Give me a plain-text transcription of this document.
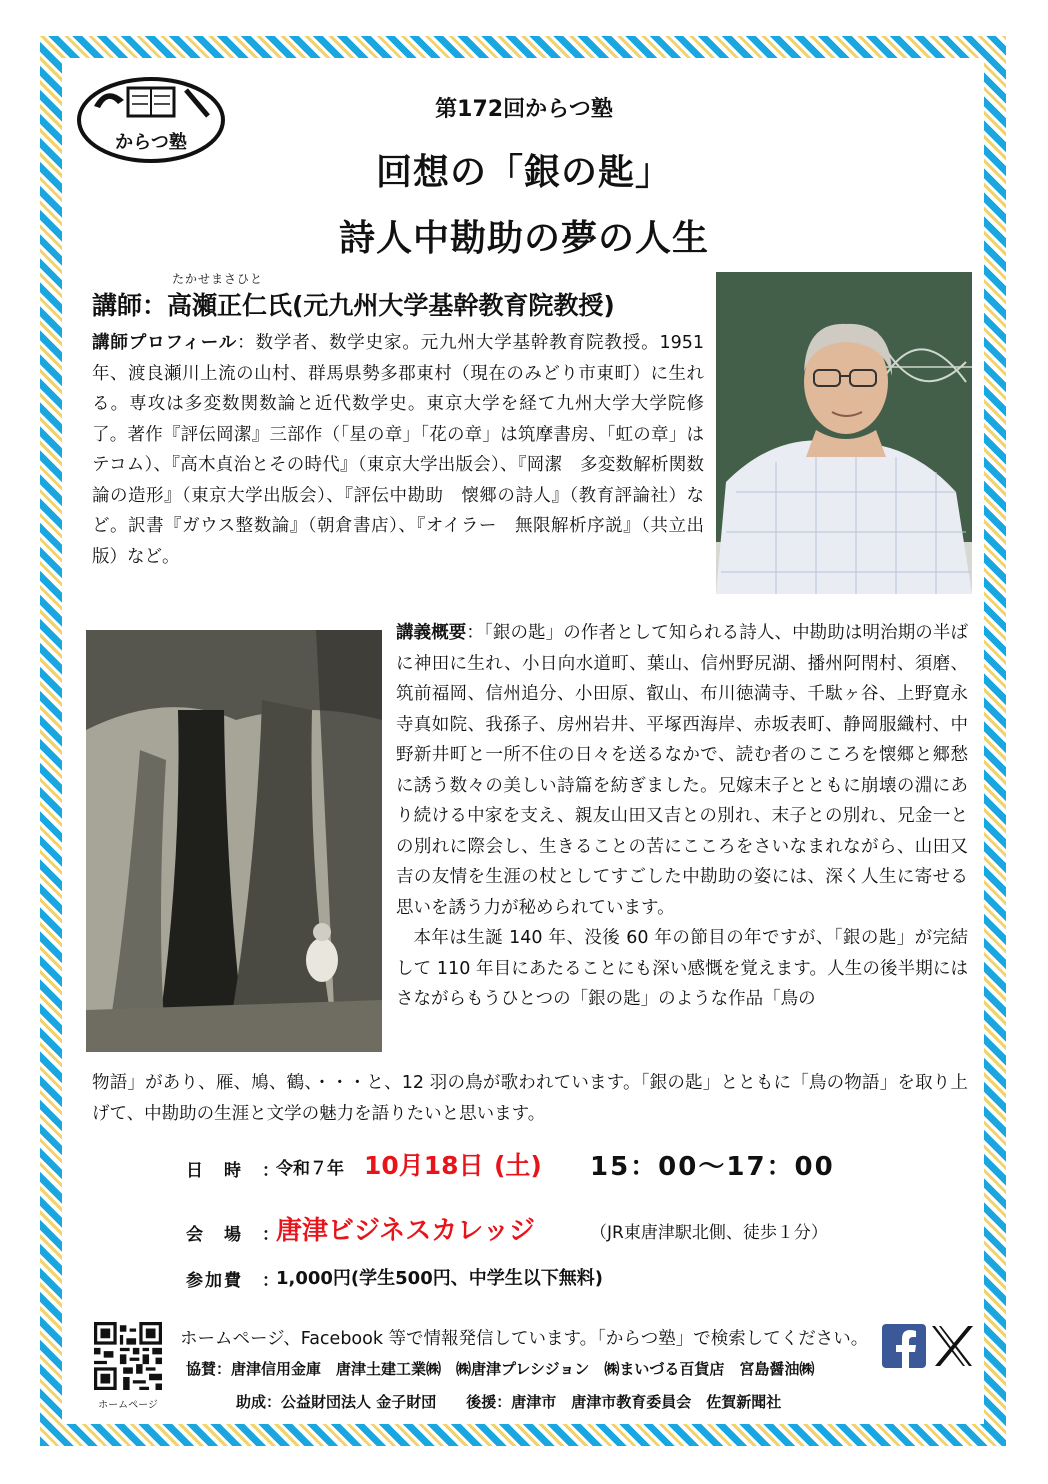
からつ塾
第172回からつ塾
回想の「銀の匙」
詩人中勘助の夢の人生
たかせまさひと
講師：高瀬正仁氏(元九州大学基幹教育院教授)
講師プロフィール：数学者、数学史家。元九州大学基幹教育院教授。1951 年、渡良瀬川上流の山村、群馬県勢多郡東村（現在のみどり市東町）に生れる。専攻は多変数関数論と近代数学史。東京大学を経て九州大学大学院修了。著作『評伝岡潔』三部作（「星の章」「花の章」は筑摩書房、「虹の章」はテコム）、『高木貞治とその時代』（東京大学出版会）、『岡潔　多変数解析関数論の造形』（東京大学出版会）、『評伝中勘助　懐郷の詩人』（教育評論社）など。訳書『ガウス整数論』（朝倉書店）、『オイラー　無限解析序説』（共立出版）など。
講義概要：「銀の匙」の作者として知られる詩人、中勘助は明治期の半ばに神田に生れ、小日向水道町、葉山、信州野尻湖、播州阿閇村、須磨、筑前福岡、信州追分、小田原、叡山、布川徳満寺、千駄ヶ谷、上野寛永寺真如院、我孫子、房州岩井、平塚西海岸、赤坂表町、静岡服織村、中野新井町と一所不住の日々を送るなかで、読む者のこころを懐郷と郷愁に誘う数々の美しい詩篇を紡ぎました。兄嫁末子とともに崩壊の淵にあり続ける中家を支え、親友山田又吉との別れ、末子との別れ、兄金一との別れに際会し、生きることの苦にこころをさいなまれながら、山田又吉の友情を生涯の杖としてすごした中勘助の姿には、深く人生に寄せる思いを誘う力が秘められています。
本年は生誕 140 年、没後 60 年の節目の年ですが、「銀の匙」が完結して 110 年目にあたることにも深い感慨を覚えます。人生の後半期にはさながらもうひとつの「銀の匙」のような作品「鳥の
物語」があり、雁、鳩、鶴、・・・と、12 羽の鳥が歌われています。「銀の匙」とともに「鳥の物語」を取り上げて、中勘助の生涯と文学の魅力を語りたいと思います。
日　時　：
令和７年 10月18日 (土) 15：00～17：00
会　場　：
唐津ビジネスカレッジ	（JR東唐津駅北側、徒歩１分）
参加費　：
1,000円(学生500円、中学生以下無料)
ホームページ
ホームページ、Facebook 等で情報発信しています。「からつ塾」で検索してください。
協賛：唐津信用金庫　唐津土建工業㈱　㈱唐津プレシジョン　㈱まいづる百貨店　宮島醤油㈱
助成：公益財団法人 金子財団　　後援：唐津市　唐津市教育委員会　佐賀新聞社
